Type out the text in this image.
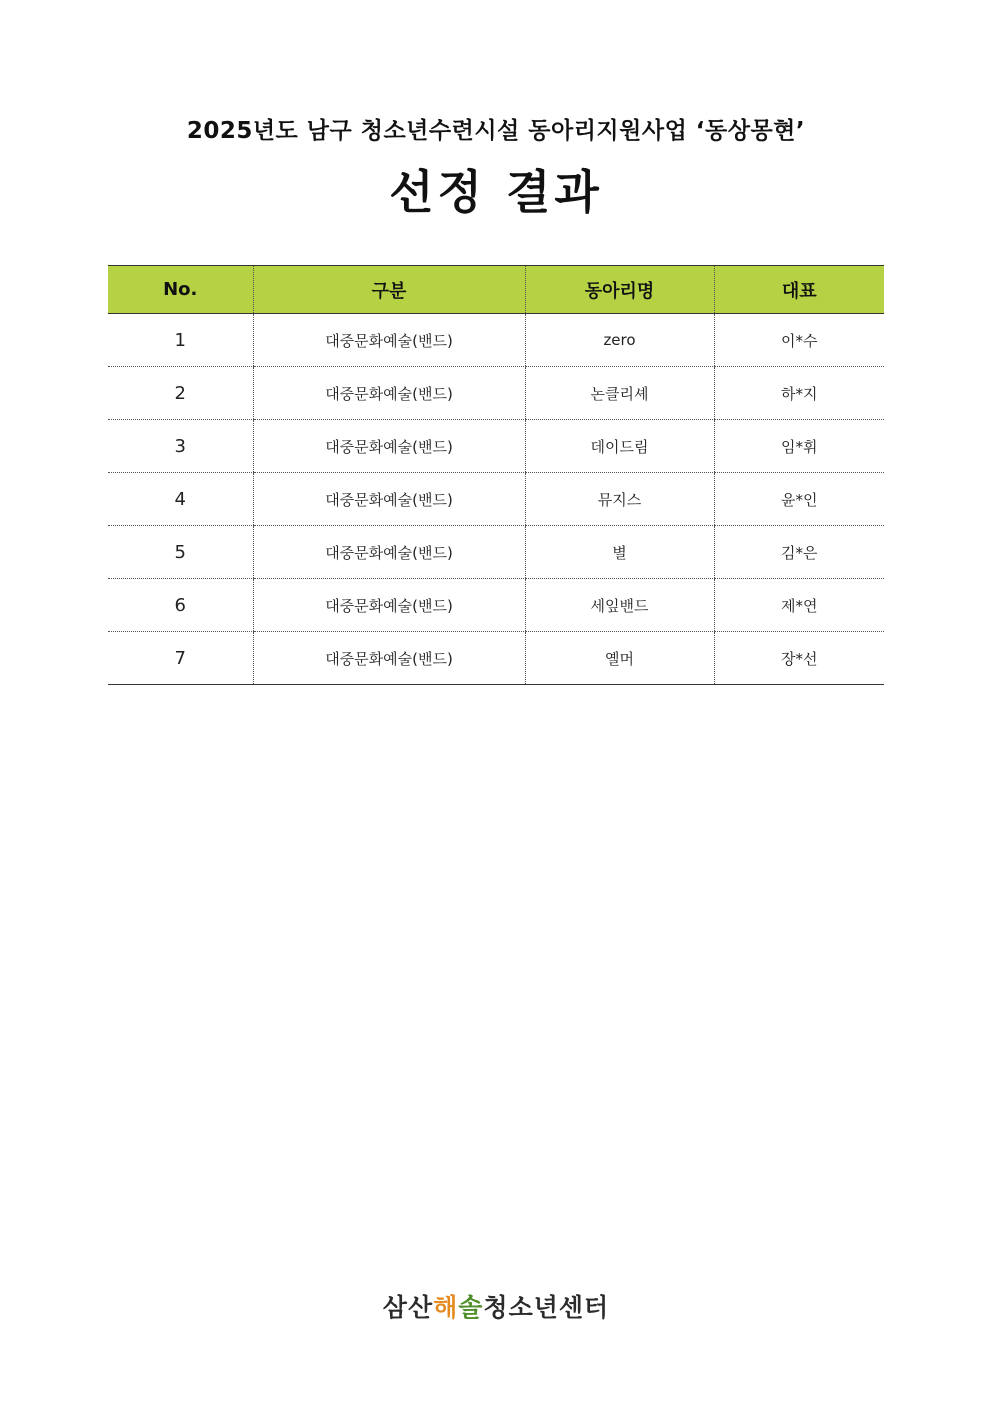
2025년도 남구 청소년수련시설 동아리지원사업 ‘동상몽현’
선정 결과
No.	구분	동아리명	대표
1	대중문화예술(밴드)	zero	이*수
2	대중문화예술(밴드)	논클리셰	하*지
3	대중문화예술(밴드)	데이드림	임*휘
4	대중문화예술(밴드)	뮤지스	윤*인
5	대중문화예술(밴드)	별	김*은
6	대중문화예술(밴드)	세잎밴드	제*연
7	대중문화예술(밴드)	옐머	장*선
삼산해솔청소년센터
